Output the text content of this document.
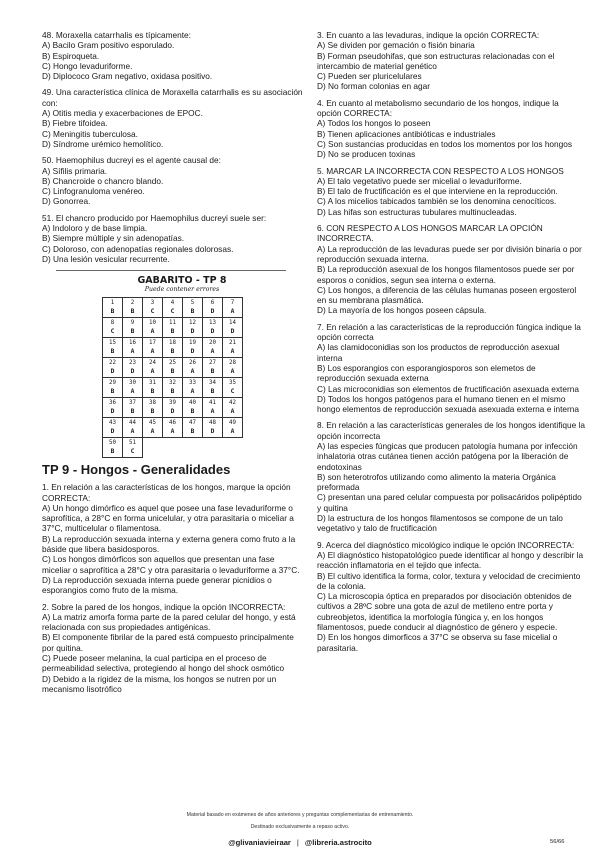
48. Moraxella catarrhalis es típicamente:

A) Bacilo Gram positivo esporulado.

B) Espiroqueta.

C) Hongo levaduriforme.

D) Diplococo Gram negativo, oxidasa positivo.

49. Una característica clínica de Moraxella catarrhalis es su asociación con:

A) Otitis media y exacerbaciones de EPOC.

B) Fiebre tifoidea.

C) Meningitis tuberculosa.

D) Síndrome urémico hemolítico.

50. Haemophilus ducreyi es el agente causal de:

A) Sífilis primaria.

B) Chancroide o chancro blando.

C) Linfogranuloma venéreo.

D) Gonorrea.

51. El chancro producido por Haemophilus ducreyi suele ser:

A) Indoloro y de base limpia.

B) Siempre múltiple y sin adenopatías.

C) Doloroso, con adenopatías regionales dolorosas.

D) Una lesión vesicular recurrente.

GABARITO - TP 8
Puede contener errores
1
B
2
B
3
C
4
C
5
B
6
D
7
A
8
C
9
B
10
A
11
B
12
D
13
D
14
D
15
B
16
A
17
A
18
B
19
D
20
A
21
A
22
D
23
D
24
A
25
B
26
A
27
B
28
A
29
B
30
A
31
B
32
B
33
A
34
B
35
C
36
D
37
B
38
B
39
D
40
B
41
A
42
A
43
D
44
A
45
A
46
A
47
B
48
D
49
A
50
B
51
C
TP 9 - Hongos - Generalidades

1. En relación a las características de los hongos, marque la opción CORRECTA:

A) Un hongo dimórfico es aquel que posee una fase levaduriforme o saprofítica, a 28°C en forma unicelular, y otra parasitaria o miceliar a 37°C, multicelular o filamentosa.

B) La reproducción sexuada interna y externa genera como fruto a la básidе que libera basidosporos.

C) Los hongos dimórficos son aquellos que presentan una fase miceliar o saprofítica a 28°C y otra parasitaria o levaduriforme a 37°C.

D) La reproducción sexuada interna puede generar picnidios o esporangios como fruto de la misma.

2. Sobre la pared de los hongos, indique la opción INCORRECTA:

A) La matriz amorfa forma parte de la pared celular del hongo, y está relacionada con sus propiedades antigénicas.

B) El componente fibrilar de la pared está compuesto principalmente por quitina.

C) Puede poseer melanina, la cual participa en el proceso de permeabilidad selectiva, protegiendo al hongo del shock osmótico

D) Debido a la rigidez de la misma, los hongos se nutren por un mecanismo lisotrófico

3. En cuanto a las levaduras, indique la opción CORRECTA:

A) Se dividen por gemación o fisión binaria

B) Forman pseudohifas, que son estructuras relacionadas con el intercambio de material genético

C) Pueden ser pluricelulares

D) No forman colonias en agar

4. En cuanto al metabolismo secundario de los hongos, indique la opción CORRECTA:

A) Todos los hongos lo poseen

B) Tienen aplicaciones antibióticas e industriales

C) Son sustancias producidas en todos los momentos por los hongos

D) No se producen toxinas

5. MARCAR LA INCORRECTA CON RESPECTO A LOS HONGOS

A) El talo vegetativo puede ser micelial o levaduriforme.

B) El talo de fructificación es el que interviene en la reproducción.

C) A los micelios tabicados también se los denomina cenocíticos.

D) Las hifas son estructuras tubulares multinucleadas.

6. CON RESPECTO A LOS HONGOS MARCAR LA OPCIÓN INCORRECTA.

A) La reproducción de las levaduras puede ser por división binaria o por reproducción sexuada interna.

B) La reproducción asexual de los hongos filamentosos puede ser por esporos o conidios, segun sea interna o externa.

C) Los hongos, a diferencia de las células humanas poseen ergosterol en su membrana plasmática.

D) La mayoría de los hongos poseen cápsula.

7. En relación a las características de la reproducción fúngica indique la opción correcta

A) las clamidoconidias son los productos de reproducción asexual interna

B) Los esporangios con esporangiosporos son elemetos de reproducción sexuada externa

C) Las microconidias son elementos de fructificación asexuada externa

D) Todos los hongos patógenos para el humano tienen en el mismo hongo elementos de reproducción sexuada asexuada externa e interna

8. En relación a las características generales de los hongos identifique la opción incorrecta

A) las especies fúngicas que producen patología humana por infección inhalatoria otras cutánea tienen acción patógena por la liberación de endotoxinas

B) son heterotrofos utilizando como alimento la materia Orgánica preformada

C) presentan una pared celular compuesta por polisacáridos polipéptido y quitina

D) la estructura de los hongos filamentosos se compone de un talo vegetativo y talo de fructificación

9. Acerca del diagnóstico micológico indique le opción INCORRECTA:

A) El diagnóstico histopatológico puede identificar al hongo y describir la reacción inflamatoria en el tejido que infecta.

B) El cultivo identifica la forma, color, textura y velocidad de crecimiento de la colonia.

C) La microscopia óptica en preparados por disociación obtenidos de cultivos a 28ºC sobre una gota de azul de metileno entre porta y cubreobjetos, identifica la morfología fúngica y, en los hongos filamentosos, puede conducir al diagnóstico de género y especie.

D) En los hongos dimorficos a 37°C se observa su fase micelial o parasitaria.

Material basado en exámenes de años anteriores y preguntas complementarias de entrenamiento.
Destinado exclusivamente a repaso activo.
@glivaniavieiraar | @libreria.astrocito	56/66
